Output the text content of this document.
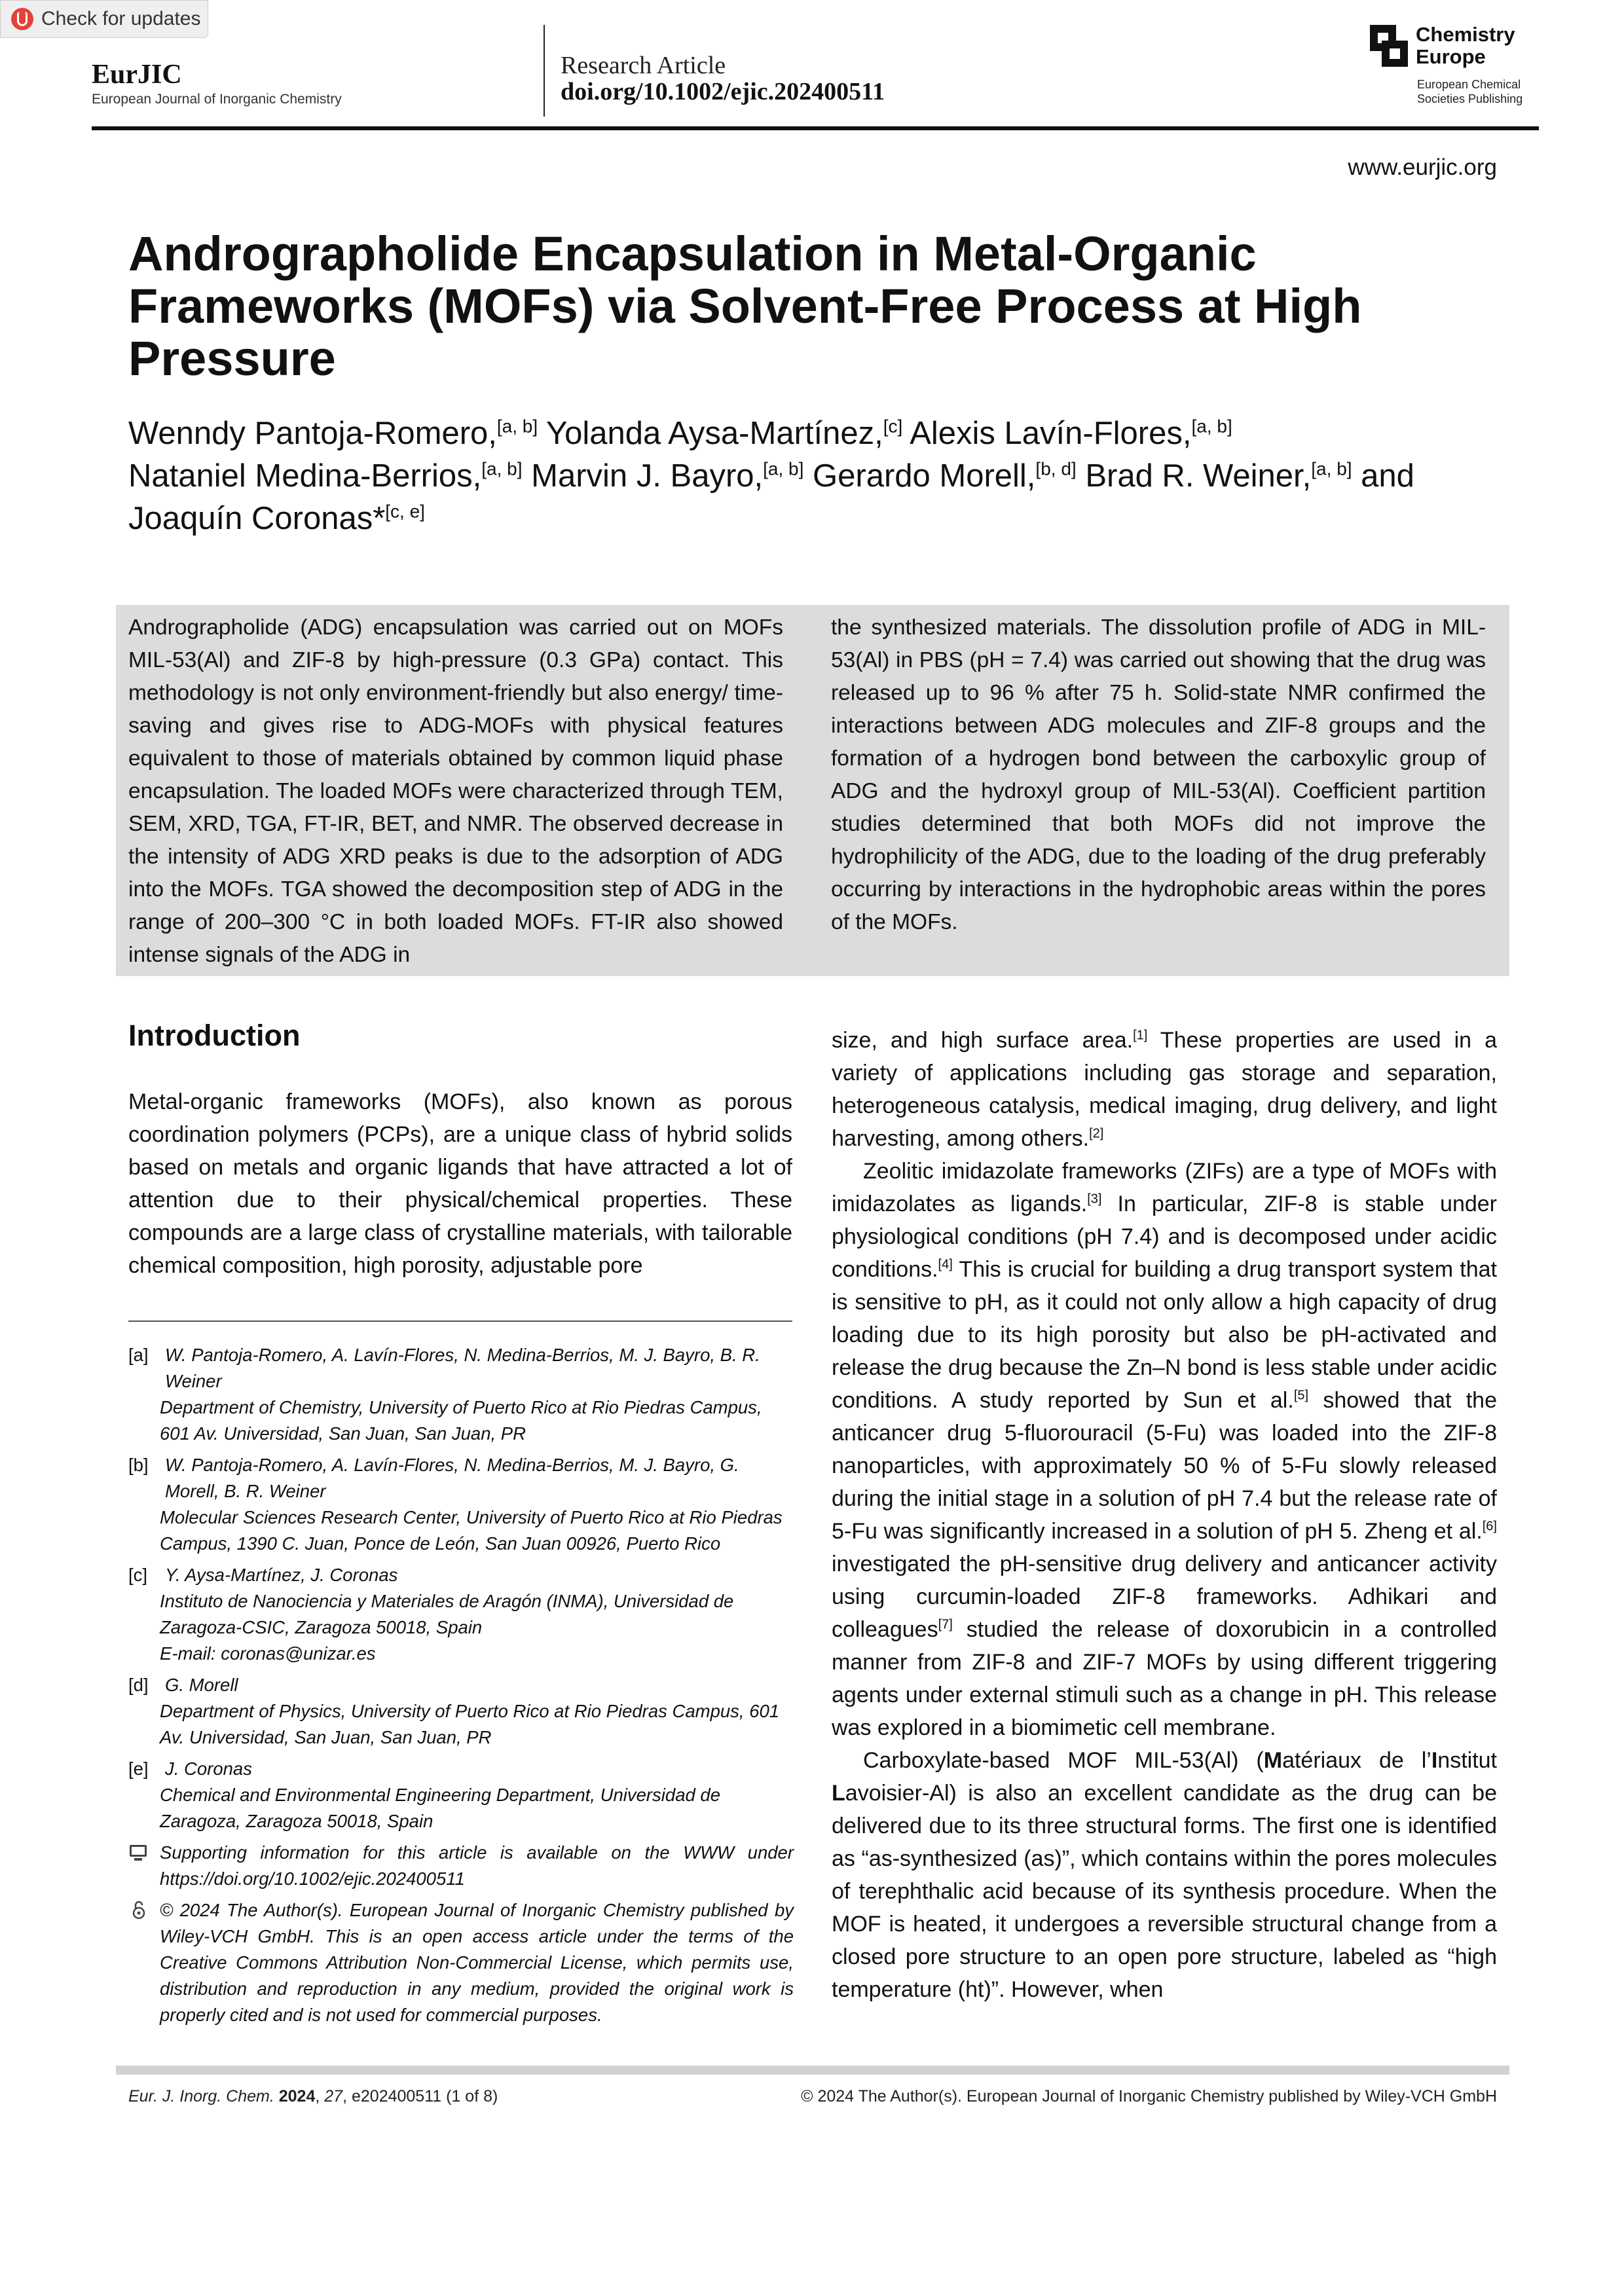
Check for updates
EurJIC
European Journal of Inorganic Chemistry
Research Article
doi.org/10.1002/ejic.202400511
Chemistry
Europe
European Chemical
Societies Publishing
www.eurjic.org
Andrographolide Encapsulation in Metal-Organic Frameworks (MOFs) via Solvent-Free Process at High Pressure
Wenndy Pantoja-Romero,[a, b] Yolanda Aysa-Martínez,[c] Alexis Lavín-Flores,[a, b]
Nataniel Medina-Berrios,[a, b] Marvin J. Bayro,[a, b] Gerardo Morell,[b, d] Brad R. Weiner,[a, b] and
Joaquín Coronas*[c, e]
Andrographolide (ADG) encapsulation was carried out on MOFs MIL-53(Al) and ZIF-8 by high-pressure (0.3 GPa) contact. This methodology is not only environment-friendly but also energy/ time-saving and gives rise to ADG-MOFs with physical features equivalent to those of materials obtained by common liquid phase encapsulation. The loaded MOFs were characterized through TEM, SEM, XRD, TGA, FT-IR, BET, and NMR. The observed decrease in the intensity of ADG XRD peaks is due to the adsorption of ADG into the MOFs. TGA showed the decomposition step of ADG in the range of 200–300 °C in both loaded MOFs. FT-IR also showed intense signals of the ADG in
the synthesized materials. The dissolution profile of ADG in MIL-53(Al) in PBS (pH = 7.4) was carried out showing that the drug was released up to 96 % after 75 h. Solid-state NMR confirmed the interactions between ADG molecules and ZIF-8 groups and the formation of a hydrogen bond between the carboxylic group of ADG and the hydroxyl group of MIL-53(Al). Coefficient partition studies determined that both MOFs did not improve the hydrophilicity of the ADG, due to the loading of the drug preferably occurring by interactions in the hydrophobic areas within the pores of the MOFs.
Introduction

Metal-organic frameworks (MOFs), also known as porous coordination polymers (PCPs), are a unique class of hybrid solids based on metals and organic ligands that have attracted a lot of attention due to their physical/chemical properties. These compounds are a large class of crystalline materials, with tailorable chemical composition, high porosity, adjustable pore

size, and high surface area.[1] These properties are used in a variety of applications including gas storage and separation, heterogeneous catalysis, medical imaging, drug delivery, and light harvesting, among others.[2]

Zeolitic imidazolate frameworks (ZIFs) are a type of MOFs with imidazolates as ligands.[3] In particular, ZIF-8 is stable under physiological conditions (pH 7.4) and is decomposed under acidic conditions.[4] This is crucial for building a drug transport system that is sensitive to pH, as it could not only allow a high capacity of drug loading due to its high porosity but also be pH-activated and release the drug because the Zn–N bond is less stable under acidic conditions. A study reported by Sun et al.[5] showed that the anticancer drug 5-fluorouracil (5-Fu) was loaded into the ZIF-8 nanoparticles, with approximately 50 % of 5-Fu slowly released during the initial stage in a solution of pH 7.4 but the release rate of 5-Fu was significantly increased in a solution of pH 5. Zheng et al.[6] investigated the pH-sensitive drug delivery and anticancer activity using curcumin-loaded ZIF-8 frameworks. Adhikari and colleagues[7] studied the release of doxorubicin in a controlled manner from ZIF-8 and ZIF-7 MOFs by using different triggering agents under external stimuli such as a change in pH. This release was explored in a biomimetic cell membrane.

Carboxylate-based MOF MIL-53(Al) (Matériaux de l’Institut Lavoisier-Al) is also an excellent candidate as the drug can be delivered due to its three structural forms. The first one is identified as “as-synthesized (as)”, which contains within the pores molecules of terephthalic acid because of its synthesis procedure. When the MOF is heated, it undergoes a reversible structural change from a closed pore structure to an open pore structure, labeled as “high temperature (ht)”. However, when

[a] W. Pantoja-Romero, A. Lavín-Flores, N. Medina-Berrios, M. J. Bayro, B. R. Weiner
Department of Chemistry, University of Puerto Rico at Rio Piedras Campus, 601 Av. Universidad, San Juan, San Juan, PR
[b] W. Pantoja-Romero, A. Lavín-Flores, N. Medina-Berrios, M. J. Bayro, G. Morell, B. R. Weiner
Molecular Sciences Research Center, University of Puerto Rico at Rio Piedras Campus, 1390 C. Juan, Ponce de León, San Juan 00926, Puerto Rico
[c] Y. Aysa-Martínez, J. Coronas
Instituto de Nanociencia y Materiales de Aragón (INMA), Universidad de Zaragoza-CSIC, Zaragoza 50018, Spain
E-mail: coronas@unizar.es
[d] G. Morell
Department of Physics, University of Puerto Rico at Rio Piedras Campus, 601 Av. Universidad, San Juan, San Juan, PR
[e] J. Coronas
Chemical and Environmental Engineering Department, Universidad de Zaragoza, Zaragoza 50018, Spain
Supporting information for this article is available on the WWW under https://doi.org/10.1002/ejic.202400511
© 2024 The Author(s). European Journal of Inorganic Chemistry published by Wiley-VCH GmbH. This is an open access article under the terms of the Creative Commons Attribution Non-Commercial License, which permits use, distribution and reproduction in any medium, provided the original work is properly cited and is not used for commercial purposes.
Eur. J. Inorg. Chem. 2024, 27, e202400511 (1 of 8)	© 2024 The Author(s). European Journal of Inorganic Chemistry published by Wiley-VCH GmbH
